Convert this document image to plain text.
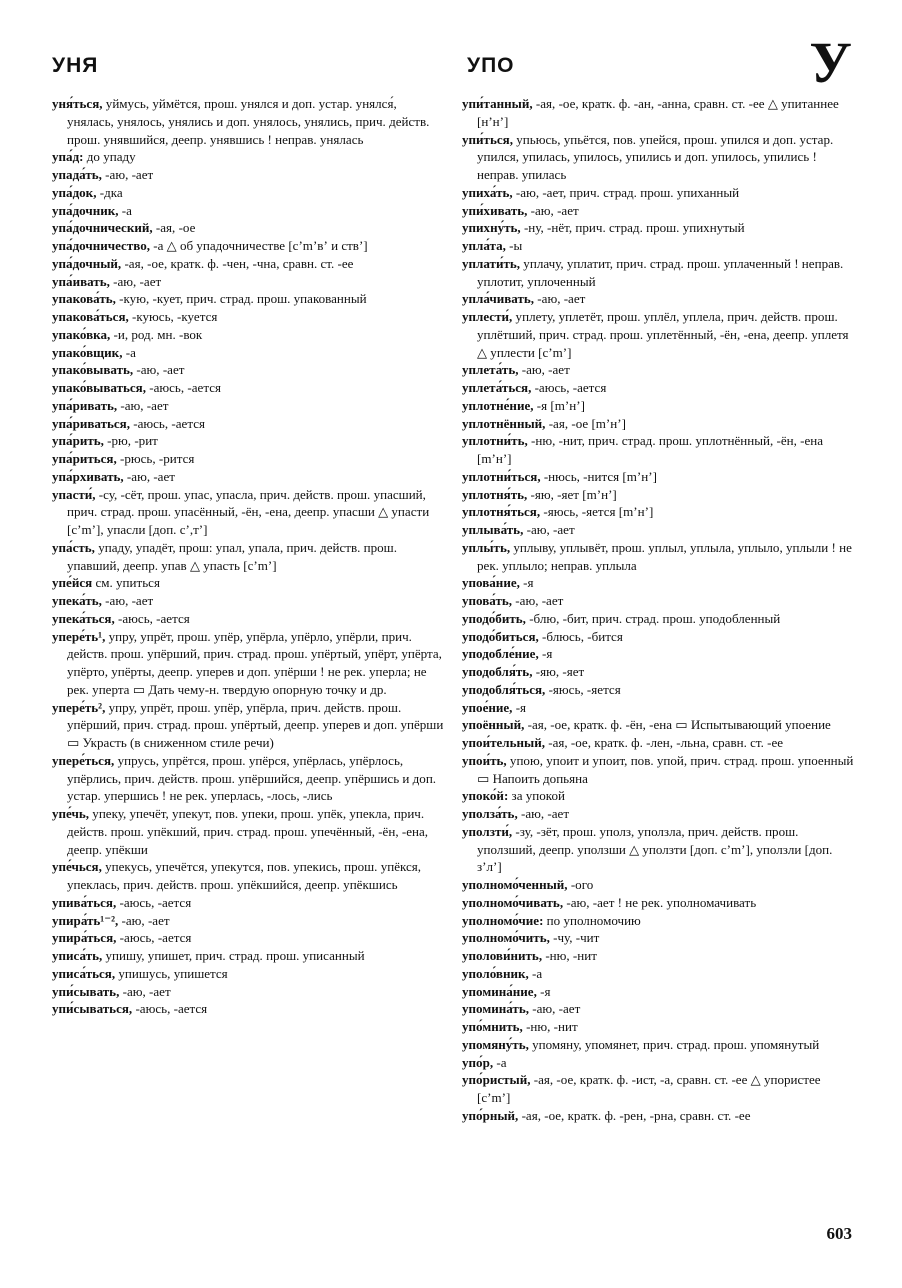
УНЯ	УПО	У

уня́ться, уймусь, уймётся, прош. унялся и доп. устар. унялся́, унялась, унялось, унялись и доп. унялось, унялись, прич. действ. прош. унявшийся, деепр. унявшись ! неправ. унялась

упа́д: до упаду

упада́ть, -аю, -ает

упа́док, -дка

упа́дочник, -а

упа́дочнический, -ая, -ое

упа́дочничество, -а △ об упадочничестве [сʼmʼвʼ и ствʼ]

упа́дочный, -ая, -ое, кратк. ф. -чен, -чна, сравн. ст. -ее

упа́ивать, -аю, -ает

упакова́ть, -кую, -кует, прич. страд. прош. упакованный

упакова́ться, -куюсь, -куется

упако́вка, -и, род. мн. -вок

упако́вщик, -а

упако́вывать, -аю, -ает

упако́вываться, -аюсь, -ается

упа́ривать, -аю, -ает

упа́риваться, -аюсь, -ается

упа́рить, -рю, -рит

упа́риться, -рюсь, -рится

упа́рхивать, -аю, -ает

упасти́, -су, -сёт, прош. упас, упасла, прич. действ. прош. упасший, прич. страд. прош. упасённый, -ён, -ена, деепр. упасши △ упасти [сʼmʼ], упасли [доп. сʼ,тʼ]

упа́сть, упаду, упадёт, прош: упал, упала, прич. действ. прош. упавший, деепр. упав △ упасть [сʼmʼ]

упе́йся см. упиться

упека́ть, -аю, -ает

упека́ться, -аюсь, -ается

упере́ть¹, упру, упрёт, прош. упёр, упёрла, упёрло, упёрли, прич. действ. прош. упёрший, прич. страд. прош. упёртый, упёрт, упёрта, упёрто, упёрты, деепр. уперев и доп. упёрши ! не рек. уперла; не рек. уперта ▭ Дать чему-н. твердую опорную точку и др.

упере́ть², упру, упрёт, прош. упёр, упёрла, прич. действ. прош. упёрший, прич. страд. прош. упёртый, деепр. уперев и доп. упёрши ▭ Украсть (в сниженном стиле речи)

упере́ться, упрусь, упрётся, прош. упёрся, упёрлась, упёрлось, упёрлись, прич. действ. прош. упёршийся, деепр. упёршись и доп. устар. упершись ! не рек. уперлась, -лось, -лись

упе́чь, упеку, упечёт, упекут, пов. упеки, прош. упёк, упекла, прич. действ. прош. упёкший, прич. страд. прош. упечённый, -ён, -ена, деепр. упёкши

упе́чься, упекусь, упечётся, упекутся, пов. упекись, прош. упёкся, упеклась, прич. действ. прош. упёкшийся, деепр. упёкшись

упива́ться, -аюсь, -ается

упира́ть¹⁻², -аю, -ает

упира́ться, -аюсь, -ается

уписа́ть, упишу, упишет, прич. страд. прош. уписанный

уписа́ться, упишусь, упишется

упи́сывать, -аю, -ает

упи́сываться, -аюсь, -ается

упи́танный, -ая, -ое, кратк. ф. -ан, -анна, сравн. ст. -ее △ упитаннее [нʼнʼ]

упи́ться, упьюсь, упьётся, пов. упейся, прош. упился и доп. устар. упился, упилась, упилось, упились и доп. упилось, упились ! неправ. упилась

упиха́ть, -аю, -ает, прич. страд. прош. упиханный

упи́хивать, -аю, -ает

упихну́ть, -ну, -нёт, прич. страд. прош. упихнутый

упла́та, -ы

уплати́ть, уплачу, уплатит, прич. страд. прош. уплаченный ! неправ. уплотит, уплоченный

упла́чивать, -аю, -ает

уплести́, уплету, уплетёт, прош. уплёл, уплела, прич. действ. прош. уплётший, прич. страд. прош. уплетённый, -ён, -ена, деепр. уплетя △ уплести [сʼmʼ]

уплета́ть, -аю, -ает

уплета́ться, -аюсь, -ается

уплотне́ние, -я [mʼнʼ]

уплотнённый, -ая, -ое [mʼнʼ]

уплотни́ть, -ню, -нит, прич. страд. прош. уплотнённый, -ён, -ена [mʼнʼ]

уплотни́ться, -нюсь, -нится [mʼнʼ]

уплотня́ть, -яю, -яет [mʼнʼ]

уплотня́ться, -яюсь, -яется [mʼнʼ]

уплыва́ть, -аю, -ает

уплы́ть, уплыву, уплывёт, прош. уплыл, уплыла, уплыло, уплыли ! не рек. уплыло; неправ. уплыла

упова́ние, -я

упова́ть, -аю, -ает

уподо́бить, -блю, -бит, прич. страд. прош. уподобленный

уподо́биться, -блюсь, -бится

уподобле́ние, -я

уподобля́ть, -яю, -яет

уподобля́ться, -яюсь, -яется

упое́ние, -я

упоённый, -ая, -ое, кратк. ф. -ён, -ена ▭ Испытывающий упоение

упои́тельный, -ая, -ое, кратк. ф. -лен, -льна, сравн. ст. -ее

упои́ть, упою, упоит и упоит, пов. упой, прич. страд. прош. упоенный ▭ Напоить допьяна

упоко́й: за упокой

уполза́ть, -аю, -ает

уползти́, -зу, -зёт, прош. уполз, уползла, прич. действ. прош. уползший, деепр. уползши △ уползти [доп. сʼmʼ], уползли [доп. зʼлʼ]

уполномо́ченный, -ого

уполномо́чивать, -аю, -ает ! не рек. уполномачивать

уполномо́чие: по уполномочию

уполномо́чить, -чу, -чит

уполови́нить, -ню, -нит

уполо́вник, -а

упомина́ние, -я

упомина́ть, -аю, -ает

упо́мнить, -ню, -нит

упомяну́ть, упомяну, упомянет, прич. страд. прош. упомянутый

упо́р, -а

упо́ристый, -ая, -ое, кратк. ф. -ист, -а, сравн. ст. -ее △ упористее [сʼmʼ]

упо́рный, -ая, -ое, кратк. ф. -рен, -рна, сравн. ст. -ее

603
